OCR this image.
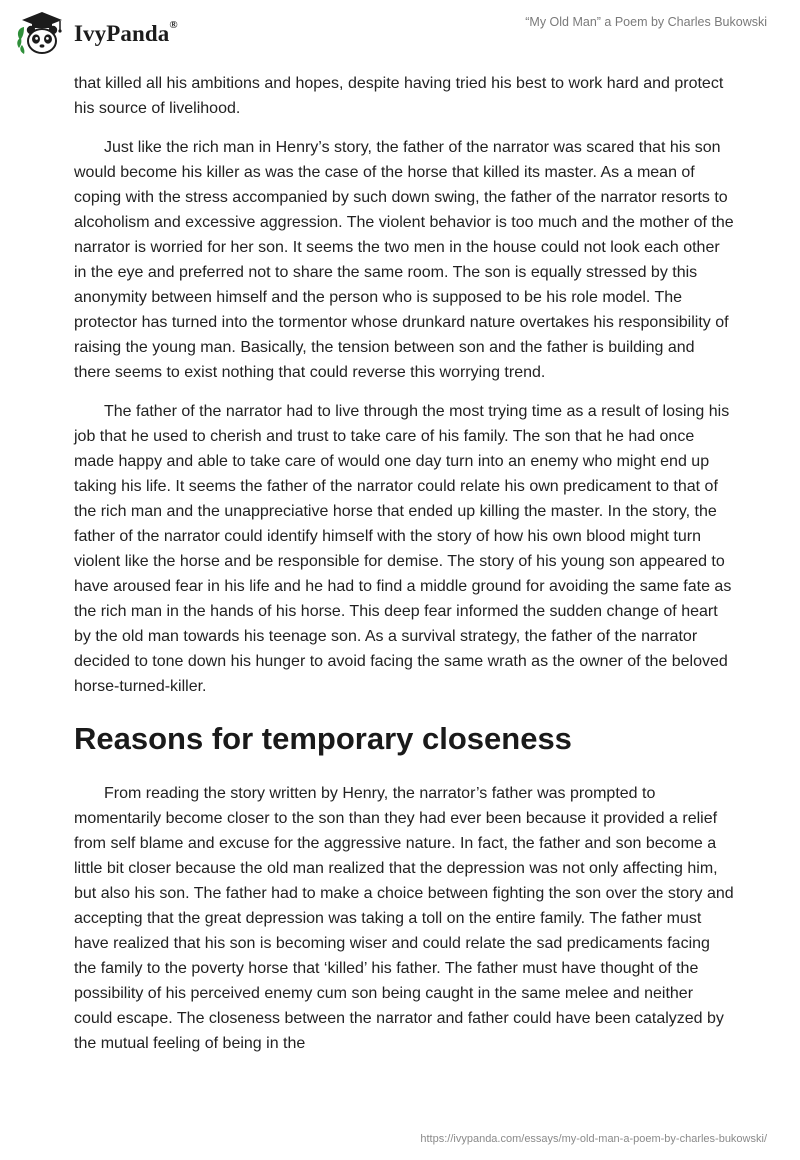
IvyPanda®	“My Old Man” a Poem by Charles Bukowski

that killed all his ambitions and hopes, despite having tried his best to work hard and protect his source of livelihood.

Just like the rich man in Henry’s story, the father of the narrator was scared that his son would become his killer as was the case of the horse that killed its master. As a mean of coping with the stress accompanied by such down swing, the father of the narrator resorts to alcoholism and excessive aggression. The violent behavior is too much and the mother of the narrator is worried for her son. It seems the two men in the house could not look each other in the eye and preferred not to share the same room. The son is equally stressed by this anonymity between himself and the person who is supposed to be his role model. The protector has turned into the tormentor whose drunkard nature overtakes his responsibility of raising the young man. Basically, the tension between son and the father is building and there seems to exist nothing that could reverse this worrying trend.

The father of the narrator had to live through the most trying time as a result of losing his job that he used to cherish and trust to take care of his family. The son that he had once made happy and able to take care of would one day turn into an enemy who might end up taking his life. It seems the father of the narrator could relate his own predicament to that of the rich man and the unappreciative horse that ended up killing the master. In the story, the father of the narrator could identify himself with the story of how his own blood might turn violent like the horse and be responsible for demise. The story of his young son appeared to have aroused fear in his life and he had to find a middle ground for avoiding the same fate as the rich man in the hands of his horse. This deep fear informed the sudden change of heart by the old man towards his teenage son. As a survival strategy, the father of the narrator decided to tone down his hunger to avoid facing the same wrath as the owner of the beloved horse-turned-killer.

Reasons for temporary closeness

From reading the story written by Henry, the narrator’s father was prompted to momentarily become closer to the son than they had ever been because it provided a relief from self blame and excuse for the aggressive nature. In fact, the father and son become a little bit closer because the old man realized that the depression was not only affecting him, but also his son. The father had to make a choice between fighting the son over the story and accepting that the great depression was taking a toll on the entire family. The father must have realized that his son is becoming wiser and could relate the sad predicaments facing the family to the poverty horse that ‘killed’ his father. The father must have thought of the possibility of his perceived enemy cum son being caught in the same melee and neither could escape. The closeness between the narrator and father could have been catalyzed by the mutual feeling of being in the

https://ivypanda.com/essays/my-old-man-a-poem-by-charles-bukowski/
